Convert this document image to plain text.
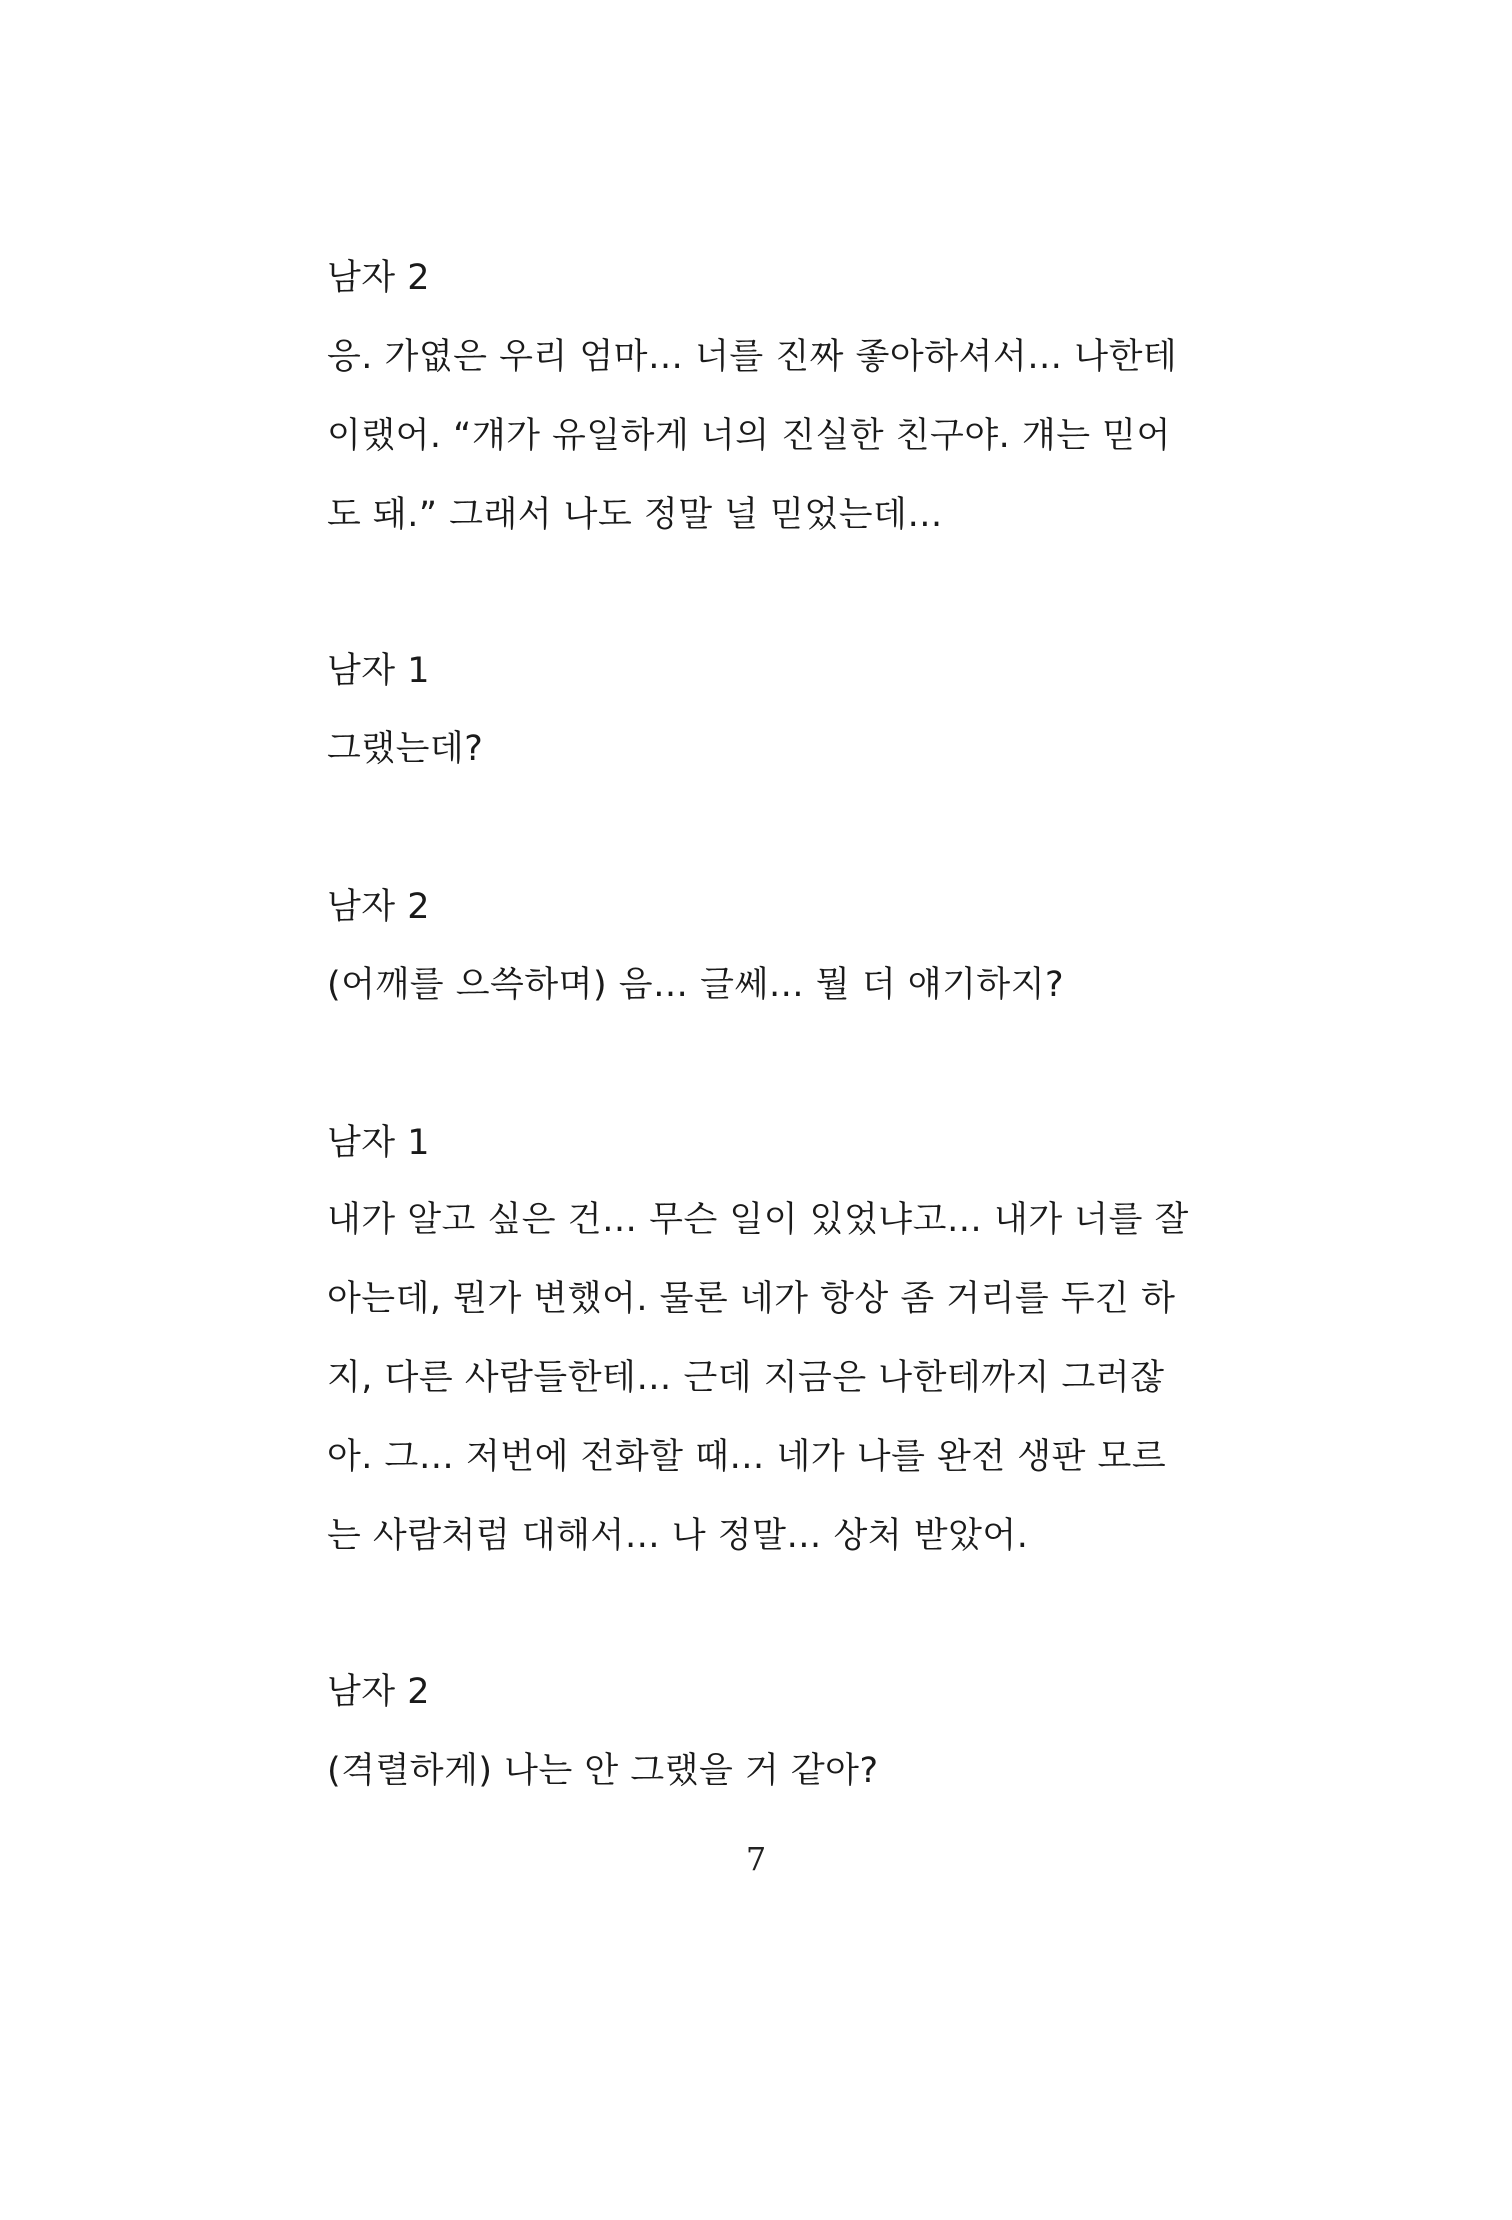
남자 2

응. 가엾은 우리 엄마… 너를 진짜 좋아하셔서… 나한테

이랬어. “걔가 유일하게 너의 진실한 친구야. 걔는 믿어

도 돼.” 그래서 나도 정말 널 믿었는데…

남자 1

그랬는데?

남자 2

(어깨를 으쓱하며) 음… 글쎄… 뭘 더 얘기하지?

남자 1

내가 알고 싶은 건… 무슨 일이 있었냐고… 내가 너를 잘

아는데, 뭔가 변했어. 물론 네가 항상 좀 거리를 두긴 하

지, 다른 사람들한테… 근데 지금은 나한테까지 그러잖

아. 그… 저번에 전화할 때… 네가 나를 완전 생판 모르

는 사람처럼 대해서… 나 정말… 상처 받았어.

남자 2

(격렬하게) 나는 안 그랬을 거 같아?

7
